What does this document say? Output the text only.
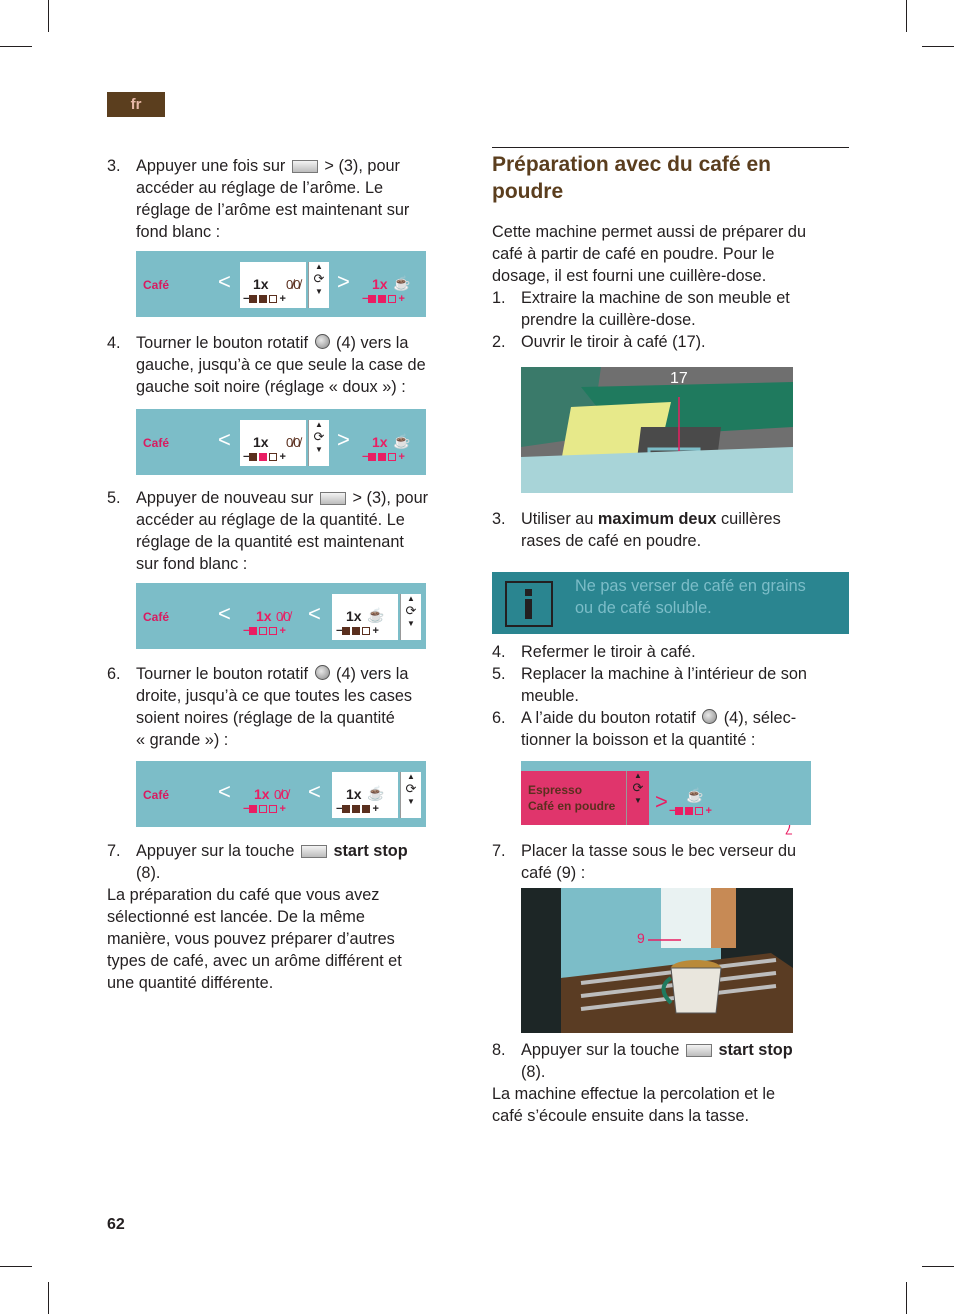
fr
3. Appuyer une fois sur > (3), pour
accéder au réglage de l’arôme. Le
réglage de l’arôme est maintenant sur
fond blanc :
Café < 1x 0̸0̸
−	+
▲
⟳
▼ > 1x ☕
−	+
4. Tourner le bouton rotatif (4) vers la
gauche, jusqu’à ce que seule la case de
gauche soit noire (réglage « doux ») :
Café < 1x 0̸0̸
−	+
▲
⟳
▼ > 1x ☕
−	+
5. Appuyer de nouveau sur > (3), pour
accéder au réglage de la quantité. Le
réglage de la quantité est maintenant
sur fond blanc :
Café < 1x 0̸0̸
−	+
< 1x ☕
−	+
▲
⟳
▼
6. Tourner le bouton rotatif (4) vers la
droite, jusqu’à ce que toutes les cases
soient noires (réglage de la quantité
« grande ») :
Café < 1x 0̸0̸
−	+
< 1x ☕
−	+
▲
⟳
▼
7. Appuyer sur la touche start stop
(8).
La préparation du café que vous avez
sélectionné est lancée. De la même
manière, vous pouvez préparer d’autres
types de café, avec un arôme différent et
une quantité différente.
Préparation avec du café en
poudre
Cette machine permet aussi de préparer du
café à partir de café en poudre. Pour le
dosage, il est fourni une cuillère-dose.
1. Extraire la machine de son meuble et
prendre la cuillère-dose.
2. Ouvrir le tiroir à café (17).
17
3. Utiliser au maximum deux cuillères
rases de café en poudre.
Ne pas verser de café en grains
ou de café soluble.
4. Refermer le tiroir à café.
5. Replacer la machine à l’intérieur de son
meuble.
6. A l’aide du bouton rotatif (4), sélec-
tionner la boisson et la quantité :
Espresso
Café en poudre
▲
⟳
▼ > ☕
−	+
7
7. Placer la tasse sous le bec verseur du
café (9) :
9
8. Appuyer sur la touche start stop
(8).
La machine effectue la percolation et le
café s’écoule ensuite dans la tasse.
62
